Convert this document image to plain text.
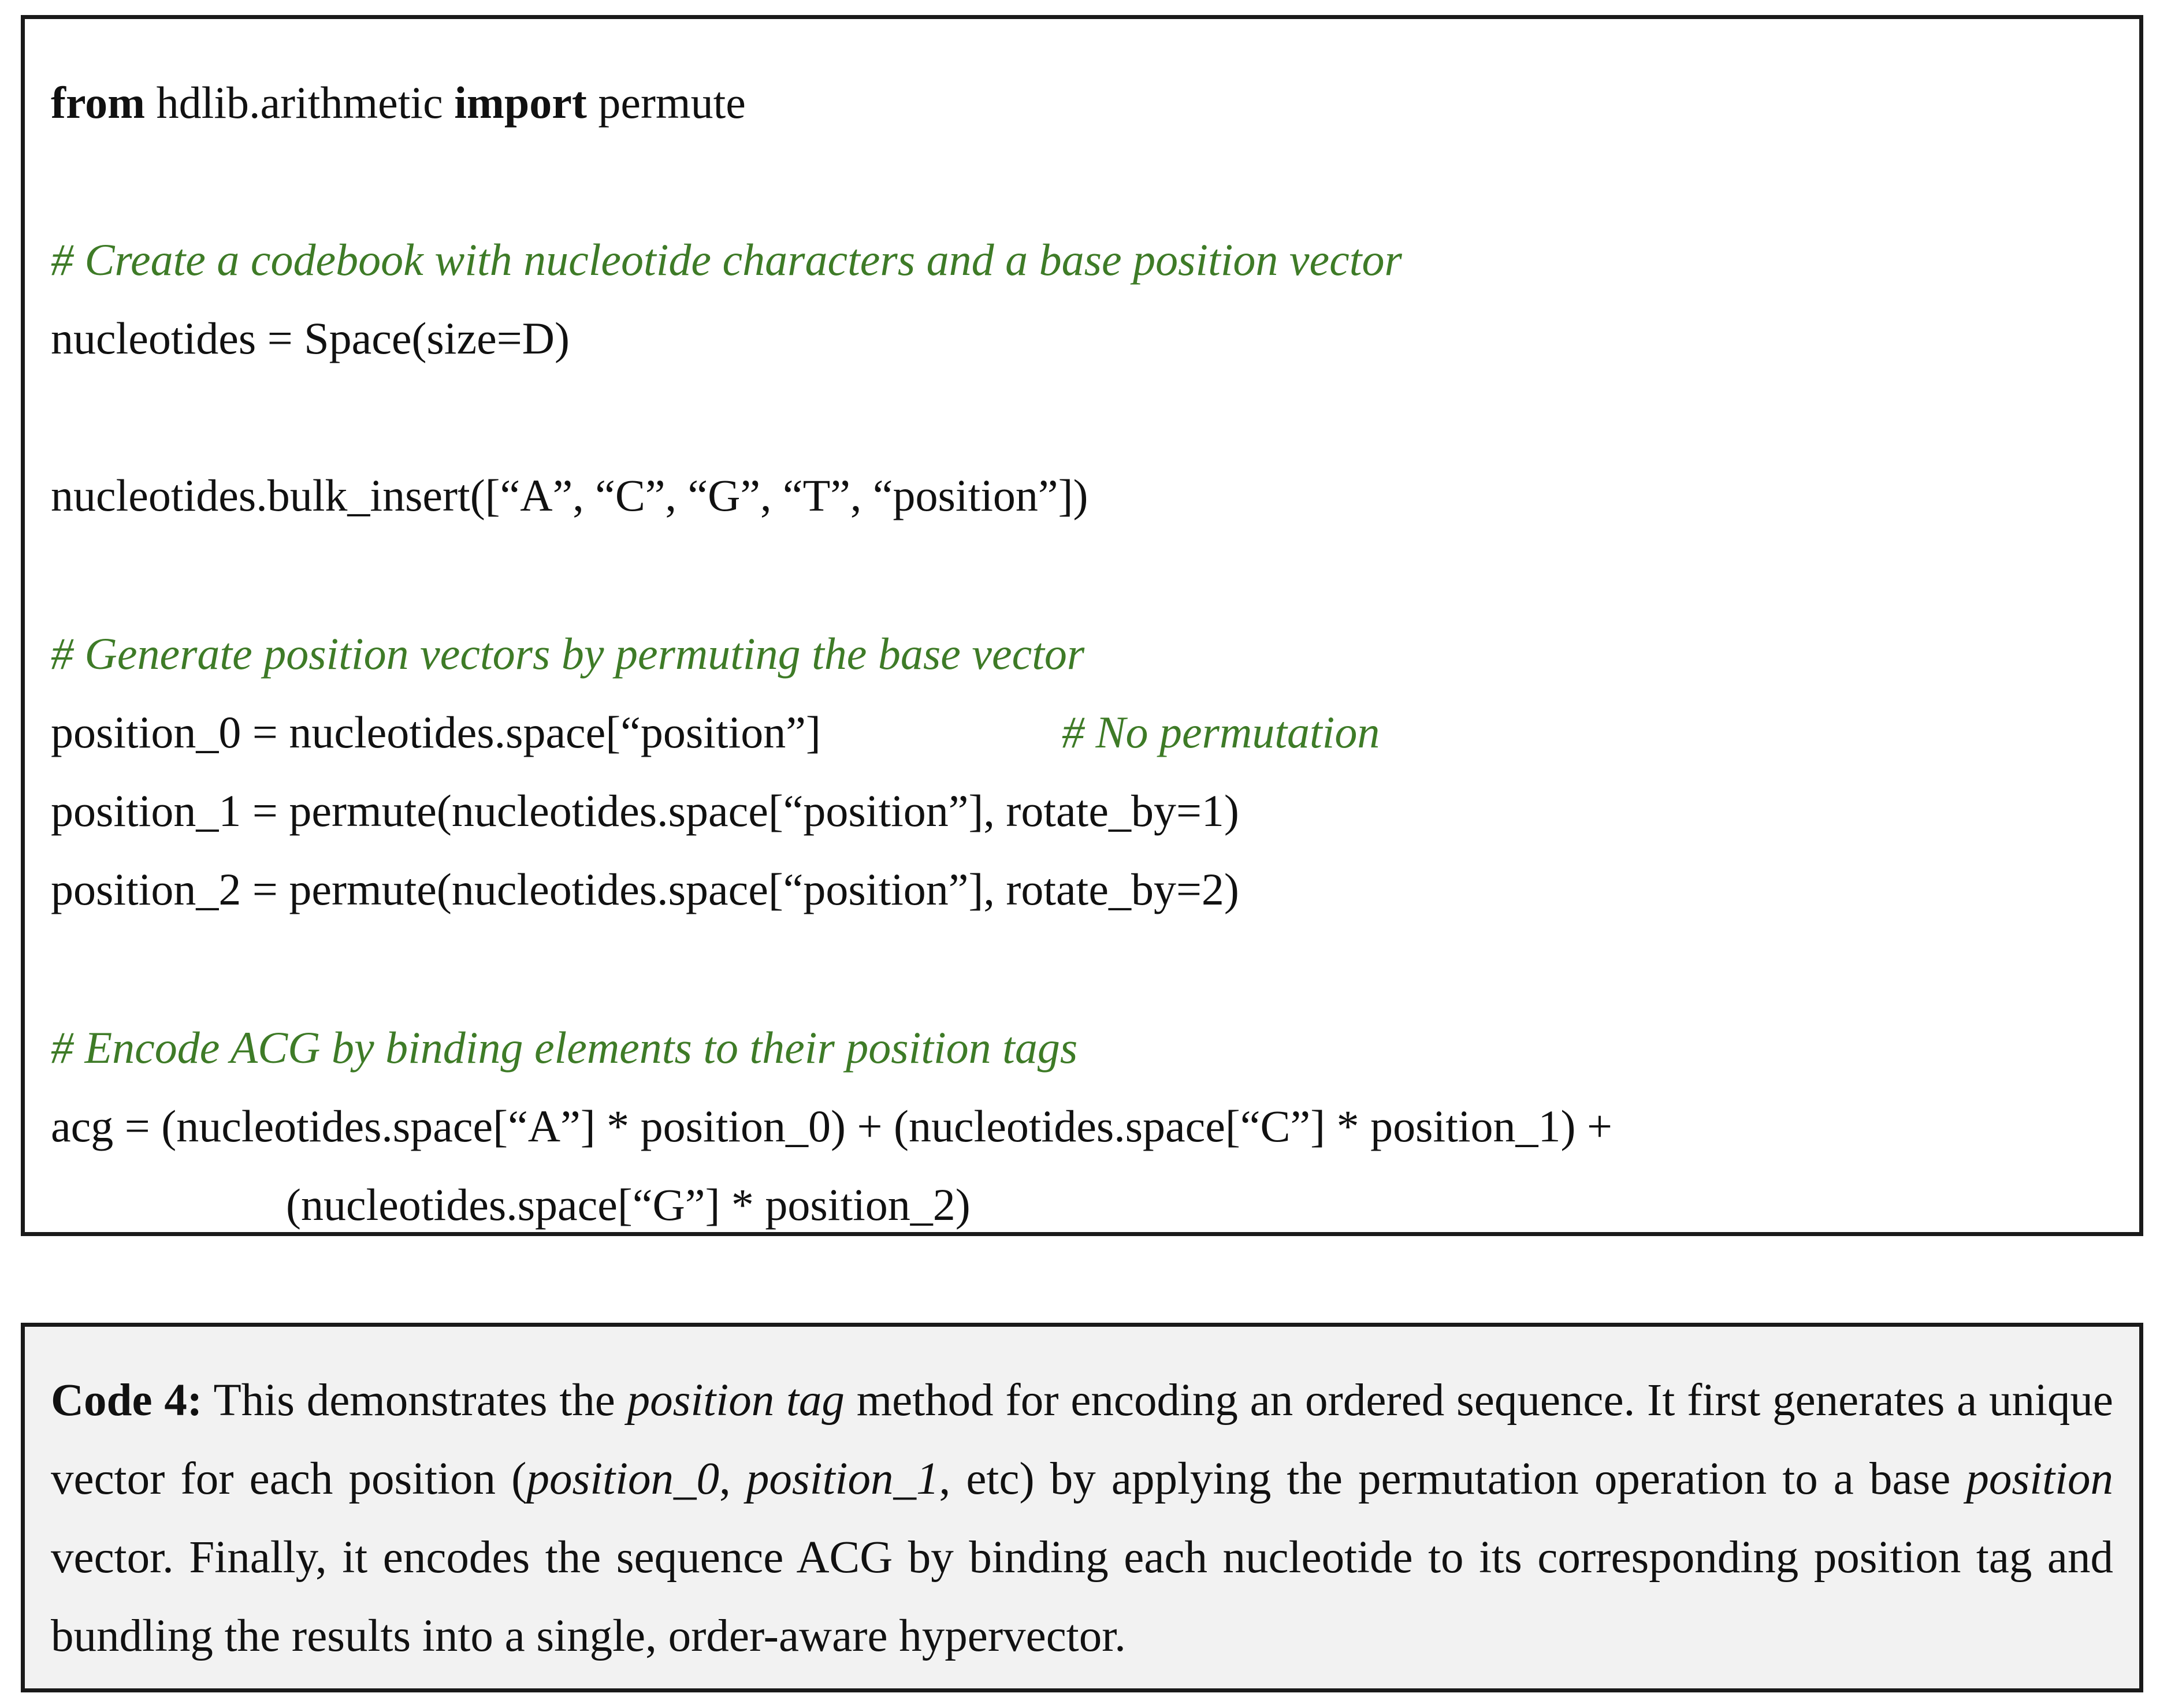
from hdlib.arithmetic import permute
# Create a codebook with nucleotide characters and a base position vector
nucleotides = Space(size=D)
nucleotides.bulk_insert([“A”, “C”, “G”, “T”, “position”])
# Generate position vectors by permuting the base vector
position_0 = nucleotides.space[“position”]	# No permutation
position_1 = permute(nucleotides.space[“position”], rotate_by=1)
position_2 = permute(nucleotides.space[“position”], rotate_by=2)
# Encode ACG by binding elements to their position tags
acg = (nucleotides.space[“A”] * position_0) + (nucleotides.space[“C”] * position_1) +
(nucleotides.space[“G”] * position_2)
Code 4: This demonstrates the position tag method for encoding an ordered sequence. It first generates a unique vector for each position (position_0, position_1, etc) by applying the permutation operation to a base position vector. Finally, it encodes the sequence ACG by binding each nucleotide to its corresponding position tag and bundling the results into a single, order-aware hypervector.
